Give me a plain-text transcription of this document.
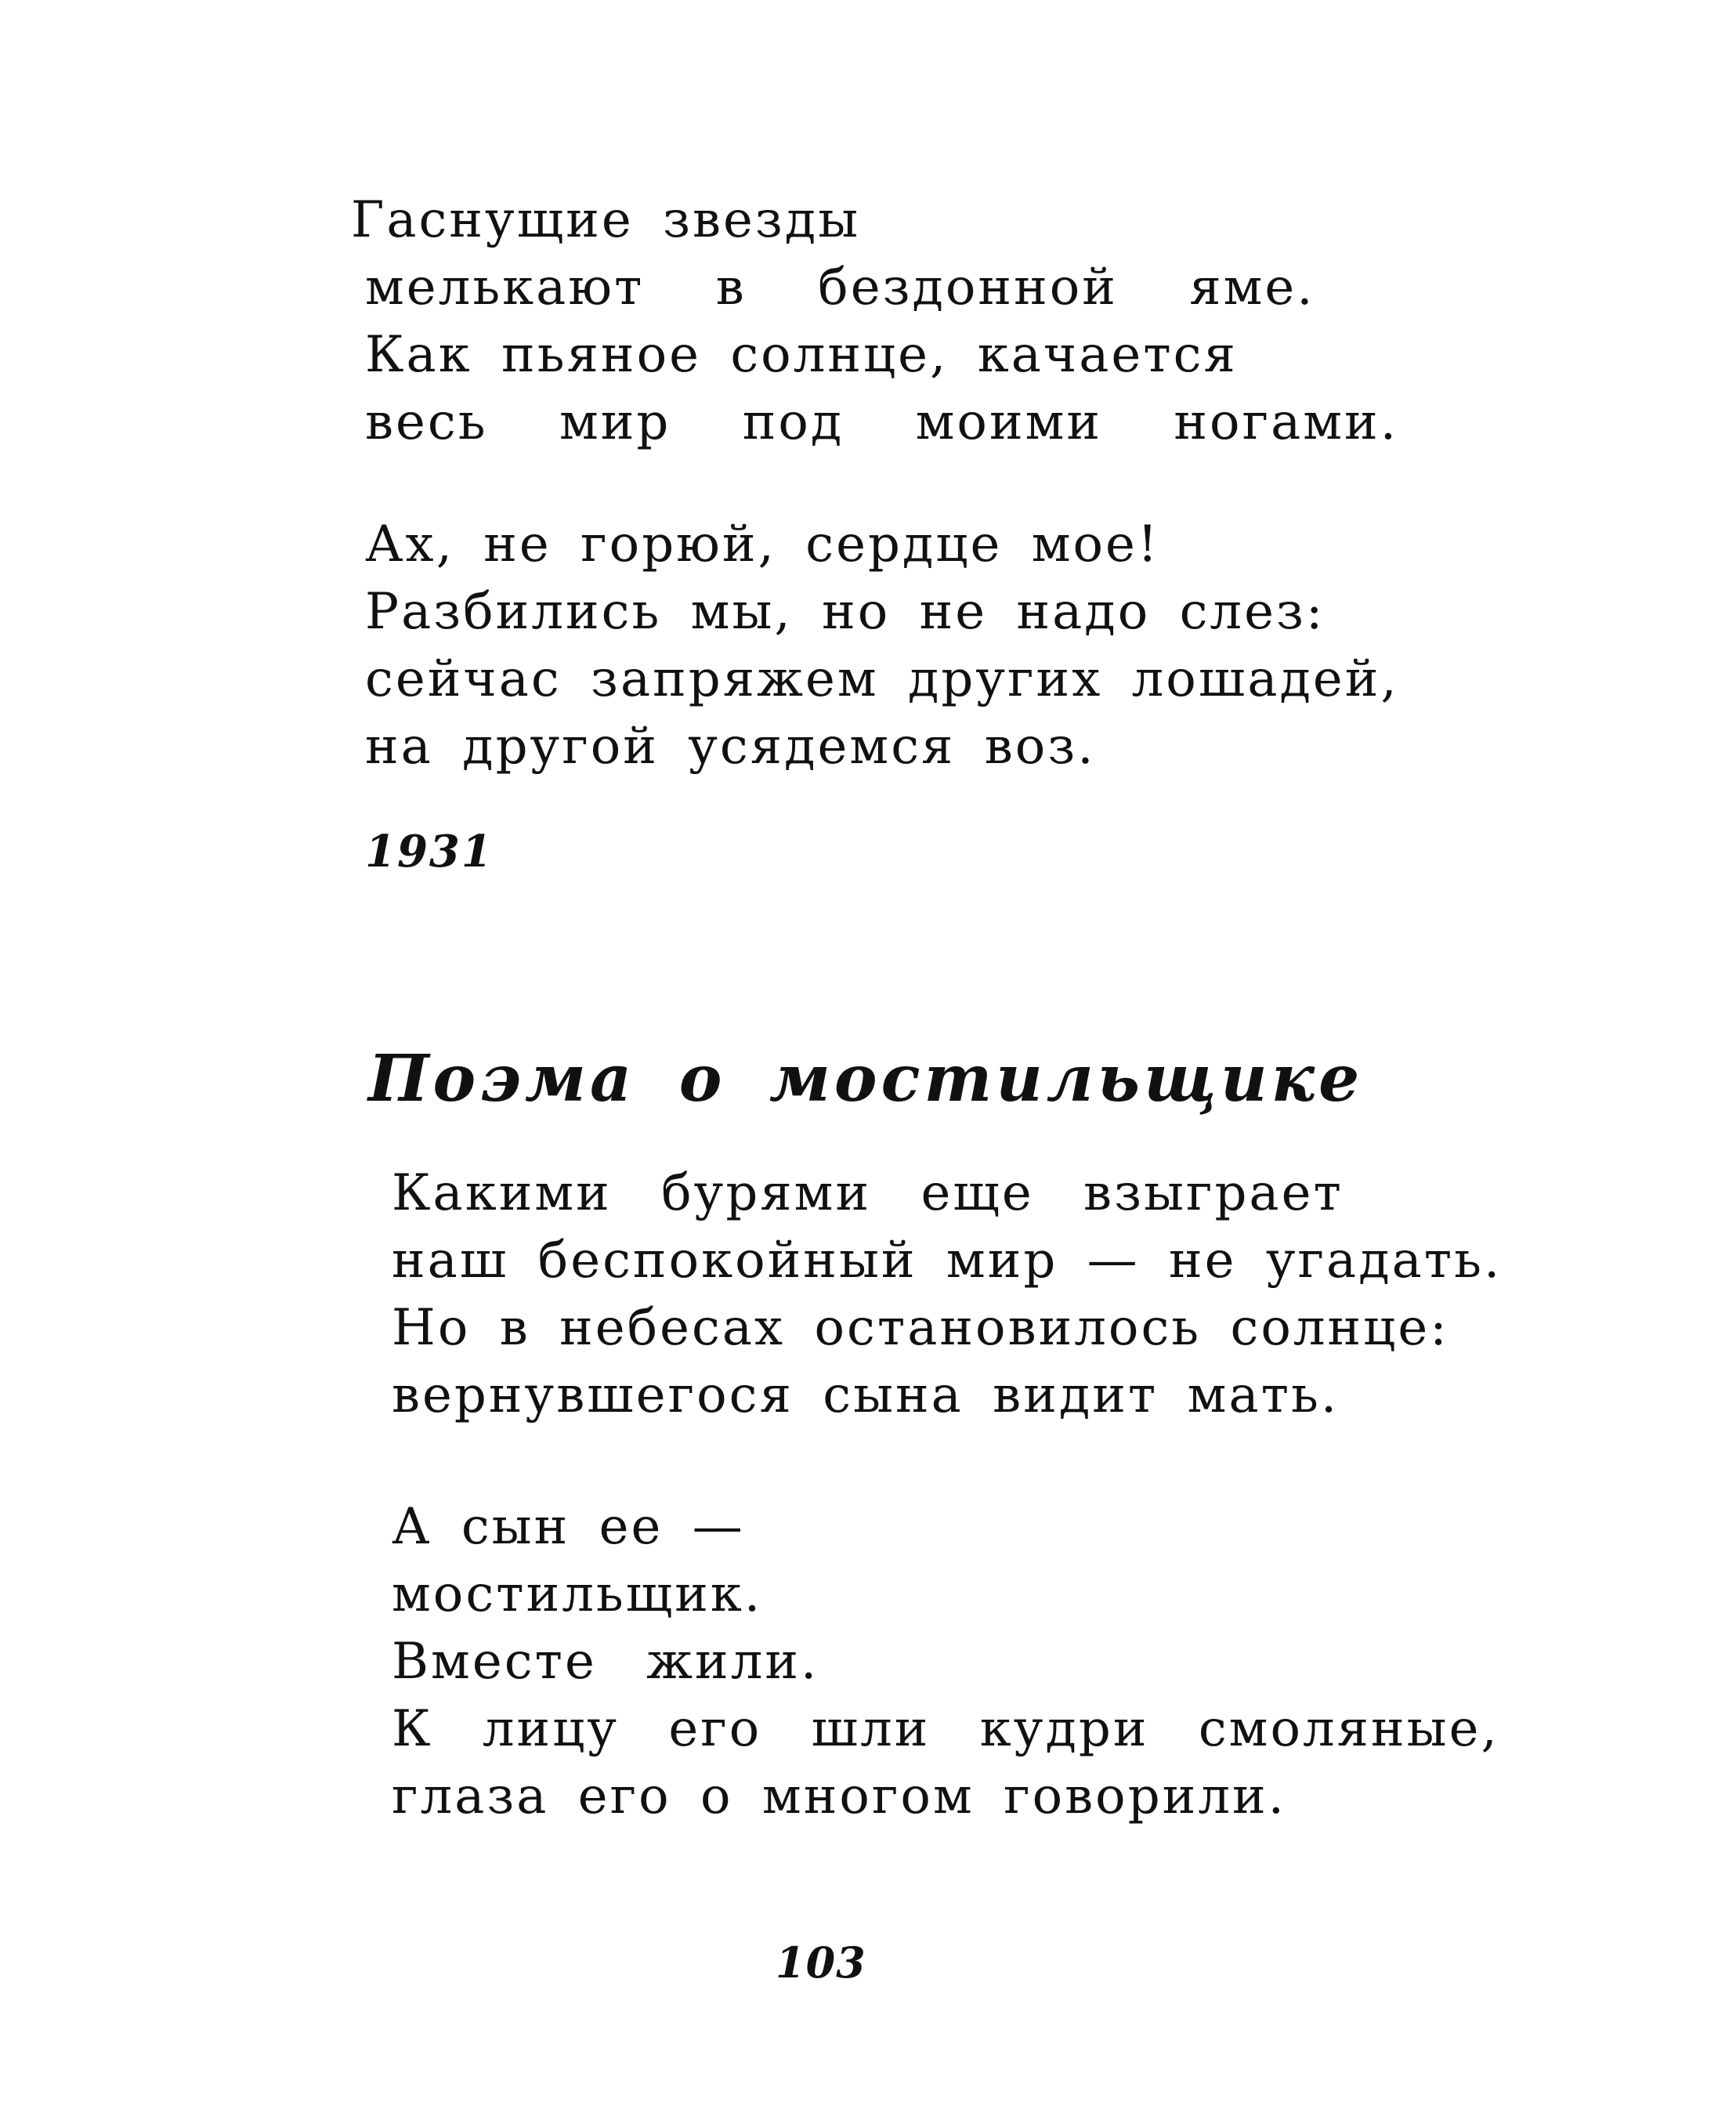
Гаснущие звезды
мелькают в бездонной яме.
Как пьяное солнце, качается
весь мир под моими ногами.
Ах, не горюй, сердце мое!
Разбились мы, но не надо слез:
сейчас запряжем других лошадей,
на другой усядемся воз.
1931
Поэма о мостильщике
Какими бурями еще взыграет
наш беспокойный мир — не угадать.
Но в небесах остановилось солнце:
вернувшегося сына видит мать.
А сын ее —
мостильщик.
Вместе жили.
К лицу его шли кудри смоляные,
глаза его о многом говорили.
103
